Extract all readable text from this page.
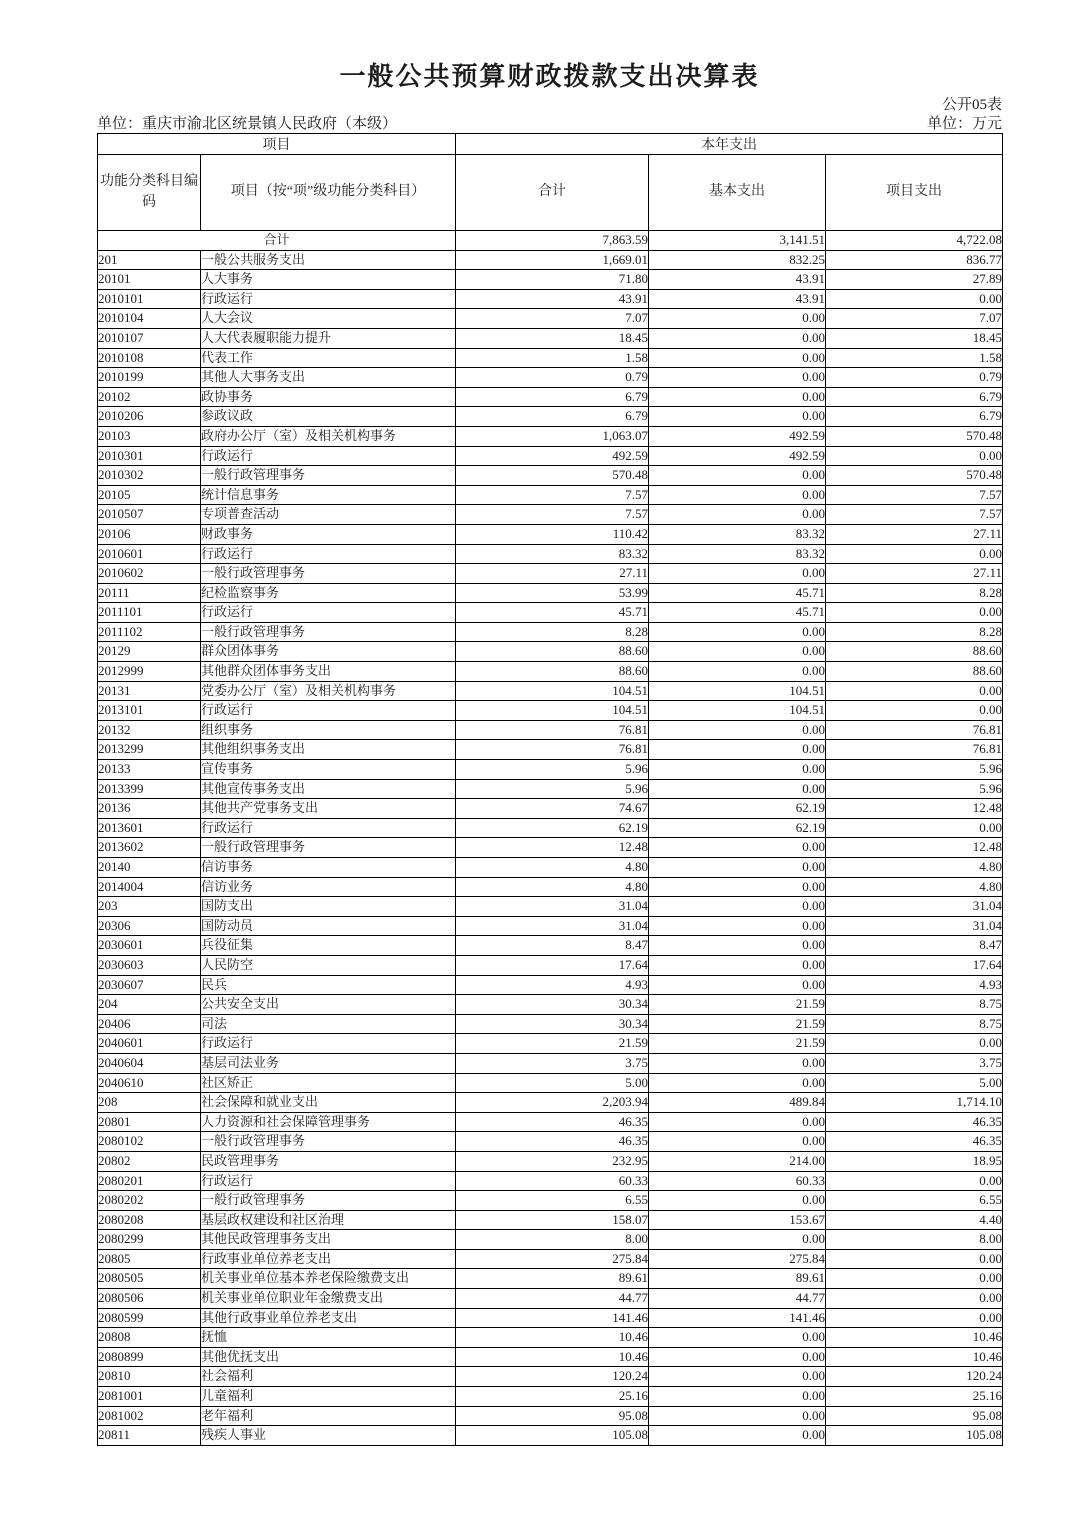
一般公共预算财政拨款支出决算表
公开05表
单位：重庆市渝北区统景镇人民政府（本级）	单位：万元
项目		本年支出		
功能分类科目编码	项目（按“项”级功能分类科目）	合计	基本支出	项目支出
合计		7,863.59	3,141.51	4,722.08
201	一般公共服务支出	1,669.01	832.25	836.77
20101	人大事务	71.80	43.91	27.89
2010101	行政运行	43.91	43.91	0.00
2010104	人大会议	7.07	0.00	7.07
2010107	人大代表履职能力提升	18.45	0.00	18.45
2010108	代表工作	1.58	0.00	1.58
2010199	其他人大事务支出	0.79	0.00	0.79
20102	政协事务	6.79	0.00	6.79
2010206	参政议政	6.79	0.00	6.79
20103	政府办公厅（室）及相关机构事务	1,063.07	492.59	570.48
2010301	行政运行	492.59	492.59	0.00
2010302	一般行政管理事务	570.48	0.00	570.48
20105	统计信息事务	7.57	0.00	7.57
2010507	专项普查活动	7.57	0.00	7.57
20106	财政事务	110.42	83.32	27.11
2010601	行政运行	83.32	83.32	0.00
2010602	一般行政管理事务	27.11	0.00	27.11
20111	纪检监察事务	53.99	45.71	8.28
2011101	行政运行	45.71	45.71	0.00
2011102	一般行政管理事务	8.28	0.00	8.28
20129	群众团体事务	88.60	0.00	88.60
2012999	其他群众团体事务支出	88.60	0.00	88.60
20131	党委办公厅（室）及相关机构事务	104.51	104.51	0.00
2013101	行政运行	104.51	104.51	0.00
20132	组织事务	76.81	0.00	76.81
2013299	其他组织事务支出	76.81	0.00	76.81
20133	宣传事务	5.96	0.00	5.96
2013399	其他宣传事务支出	5.96	0.00	5.96
20136	其他共产党事务支出	74.67	62.19	12.48
2013601	行政运行	62.19	62.19	0.00
2013602	一般行政管理事务	12.48	0.00	12.48
20140	信访事务	4.80	0.00	4.80
2014004	信访业务	4.80	0.00	4.80
203	国防支出	31.04	0.00	31.04
20306	国防动员	31.04	0.00	31.04
2030601	兵役征集	8.47	0.00	8.47
2030603	人民防空	17.64	0.00	17.64
2030607	民兵	4.93	0.00	4.93
204	公共安全支出	30.34	21.59	8.75
20406	司法	30.34	21.59	8.75
2040601	行政运行	21.59	21.59	0.00
2040604	基层司法业务	3.75	0.00	3.75
2040610	社区矫正	5.00	0.00	5.00
208	社会保障和就业支出	2,203.94	489.84	1,714.10
20801	人力资源和社会保障管理事务	46.35	0.00	46.35
2080102	一般行政管理事务	46.35	0.00	46.35
20802	民政管理事务	232.95	214.00	18.95
2080201	行政运行	60.33	60.33	0.00
2080202	一般行政管理事务	6.55	0.00	6.55
2080208	基层政权建设和社区治理	158.07	153.67	4.40
2080299	其他民政管理事务支出	8.00	0.00	8.00
20805	行政事业单位养老支出	275.84	275.84	0.00
2080505	机关事业单位基本养老保险缴费支出	89.61	89.61	0.00
2080506	机关事业单位职业年金缴费支出	44.77	44.77	0.00
2080599	其他行政事业单位养老支出	141.46	141.46	0.00
20808	抚恤	10.46	0.00	10.46
2080899	其他优抚支出	10.46	0.00	10.46
20810	社会福利	120.24	0.00	120.24
2081001	儿童福利	25.16	0.00	25.16
2081002	老年福利	95.08	0.00	95.08
20811	残疾人事业	105.08	0.00	105.08
